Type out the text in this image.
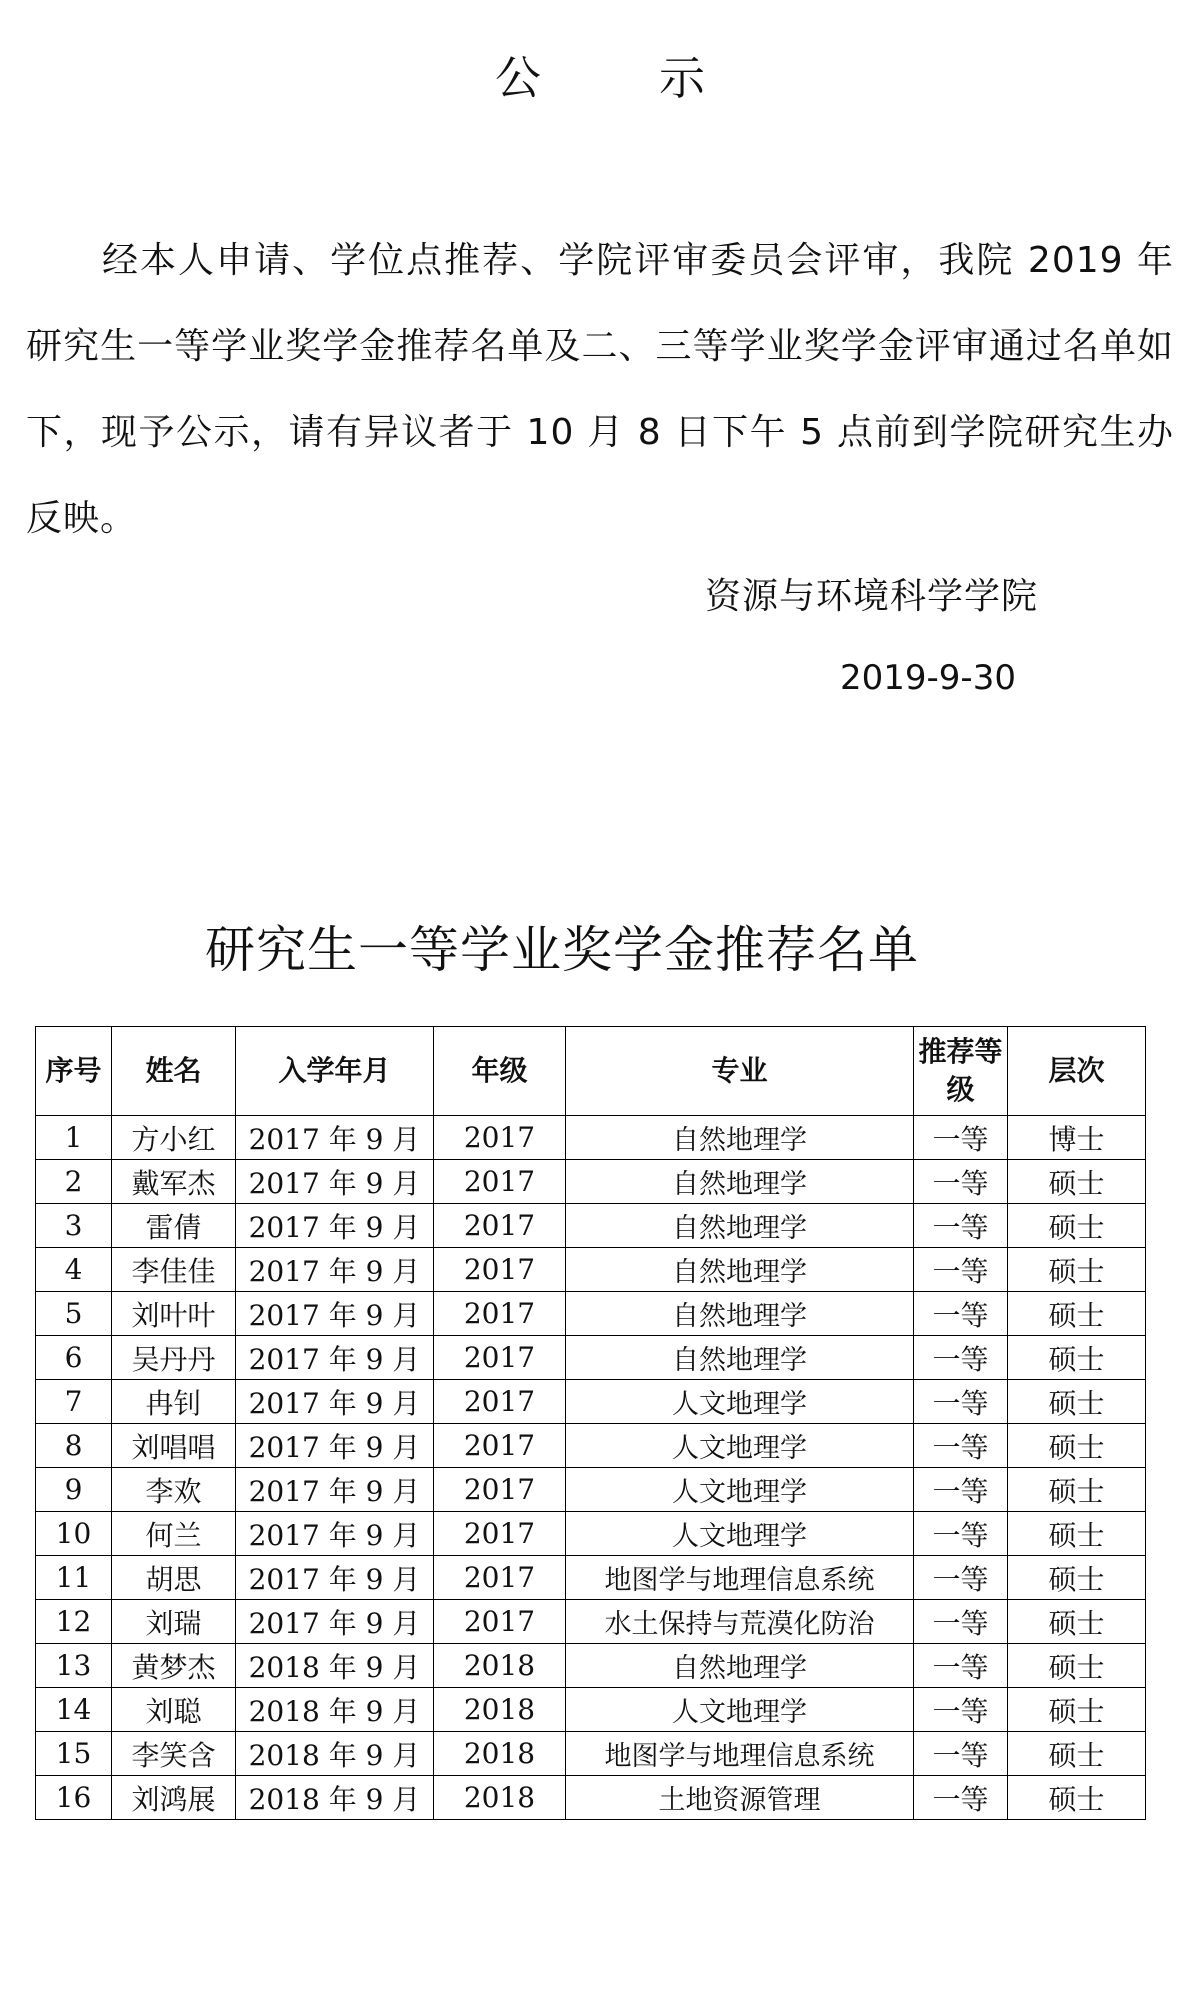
公　示
经本人申请、学位点推荐、学院评审委员会评审，我院 2019 年研究生一等学业奖学金推荐名单及二、三等学业奖学金评审通过名单如下，现予公示，请有异议者于 10 月 8 日下午 5 点前到学院研究生办反映。
资源与环境科学学院
2019-9-30
研究生一等学业奖学金推荐名单
序号	姓名	入学年月	年级	专业	推荐等级	层次
1	方小红	2017 年 9 月	2017	自然地理学	一等	博士
2	戴军杰	2017 年 9 月	2017	自然地理学	一等	硕士
3	雷倩	2017 年 9 月	2017	自然地理学	一等	硕士
4	李佳佳	2017 年 9 月	2017	自然地理学	一等	硕士
5	刘叶叶	2017 年 9 月	2017	自然地理学	一等	硕士
6	吴丹丹	2017 年 9 月	2017	自然地理学	一等	硕士
7	冉钊	2017 年 9 月	2017	人文地理学	一等	硕士
8	刘唱唱	2017 年 9 月	2017	人文地理学	一等	硕士
9	李欢	2017 年 9 月	2017	人文地理学	一等	硕士
10	何兰	2017 年 9 月	2017	人文地理学	一等	硕士
11	胡思	2017 年 9 月	2017	地图学与地理信息系统	一等	硕士
12	刘瑞	2017 年 9 月	2017	水土保持与荒漠化防治	一等	硕士
13	黄梦杰	2018 年 9 月	2018	自然地理学	一等	硕士
14	刘聪	2018 年 9 月	2018	人文地理学	一等	硕士
15	李笑含	2018 年 9 月	2018	地图学与地理信息系统	一等	硕士
16	刘鸿展	2018 年 9 月	2018	土地资源管理	一等	硕士
